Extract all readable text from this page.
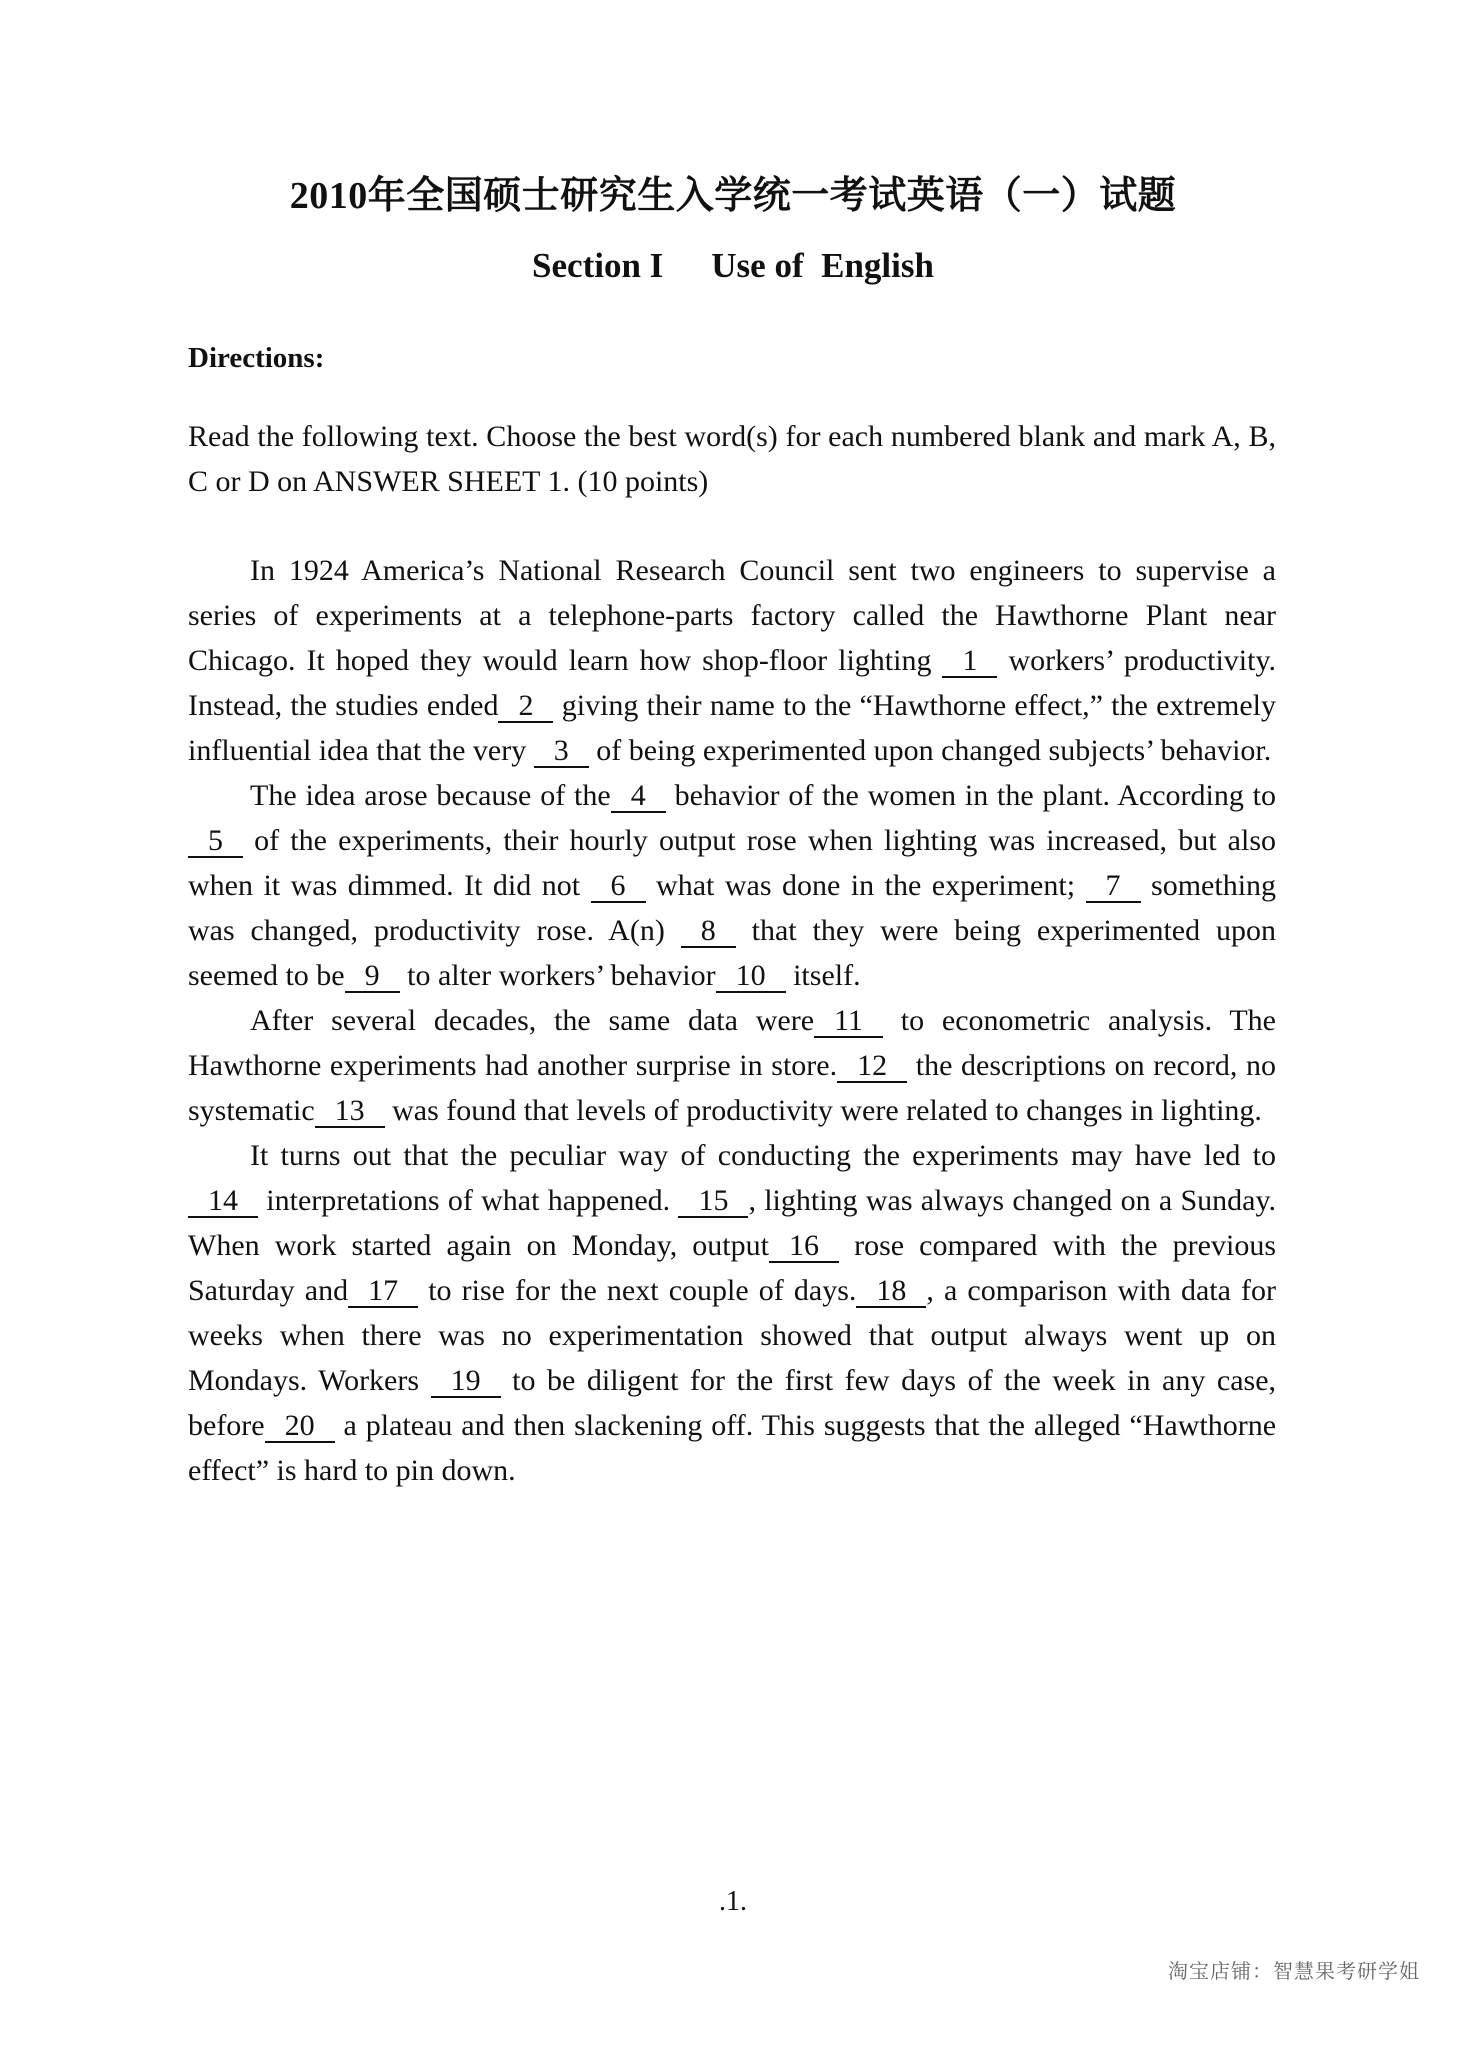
2010年全国硕士研究生入学统一考试英语（一）试题
Section I Use of  English
Directions:
Read the following text. Choose the best word(s) for each numbered blank and mark A, B, C or D on ANSWER SHEET 1. (10 points)

In 1924 America’s National Research Council sent two engineers to supervise a series of experiments at a telephone-parts factory called the Hawthorne Plant near Chicago. It hoped they would learn how shop-floor lighting 1 workers’ productivity. Instead, the studies ended 2 giving their name to the “Hawthorne effect,” the extremely influential idea that the very 3 of being experimented upon changed subjects’ behavior.

The idea arose because of the 4 behavior of the women in the plant. According to 5 of the experiments, their hourly output rose when lighting was increased, but also when it was dimmed. It did not 6 what was done in the experiment; 7 something was changed, productivity rose. A(n) 8 that they were being experimented upon seemed to be 9 to alter workers’ behavior 10 itself.

After several decades, the same data were 11 to econometric analysis. The Hawthorne experiments had another surprise in store. 12 the descriptions on record, no systematic 13 was found that levels of productivity were related to changes in lighting.

It turns out that the peculiar way of conducting the experiments may have led to14 interpretations of what happened. 15 , lighting was always changed on a Sunday. When work started again on Monday, output 16 rose compared with the previous Saturday and 17 to rise for the next couple of days. 18 , a comparison with data for weeks when there was no experimentation showed that output always went up on Mondays. Workers 19 to be diligent for the first few days of the week in any case, before 20 a plateau and then slackening off. This suggests that the alleged “Hawthorne effect” is hard to pin down.

.1.
淘宝店铺：智慧果考研学姐
